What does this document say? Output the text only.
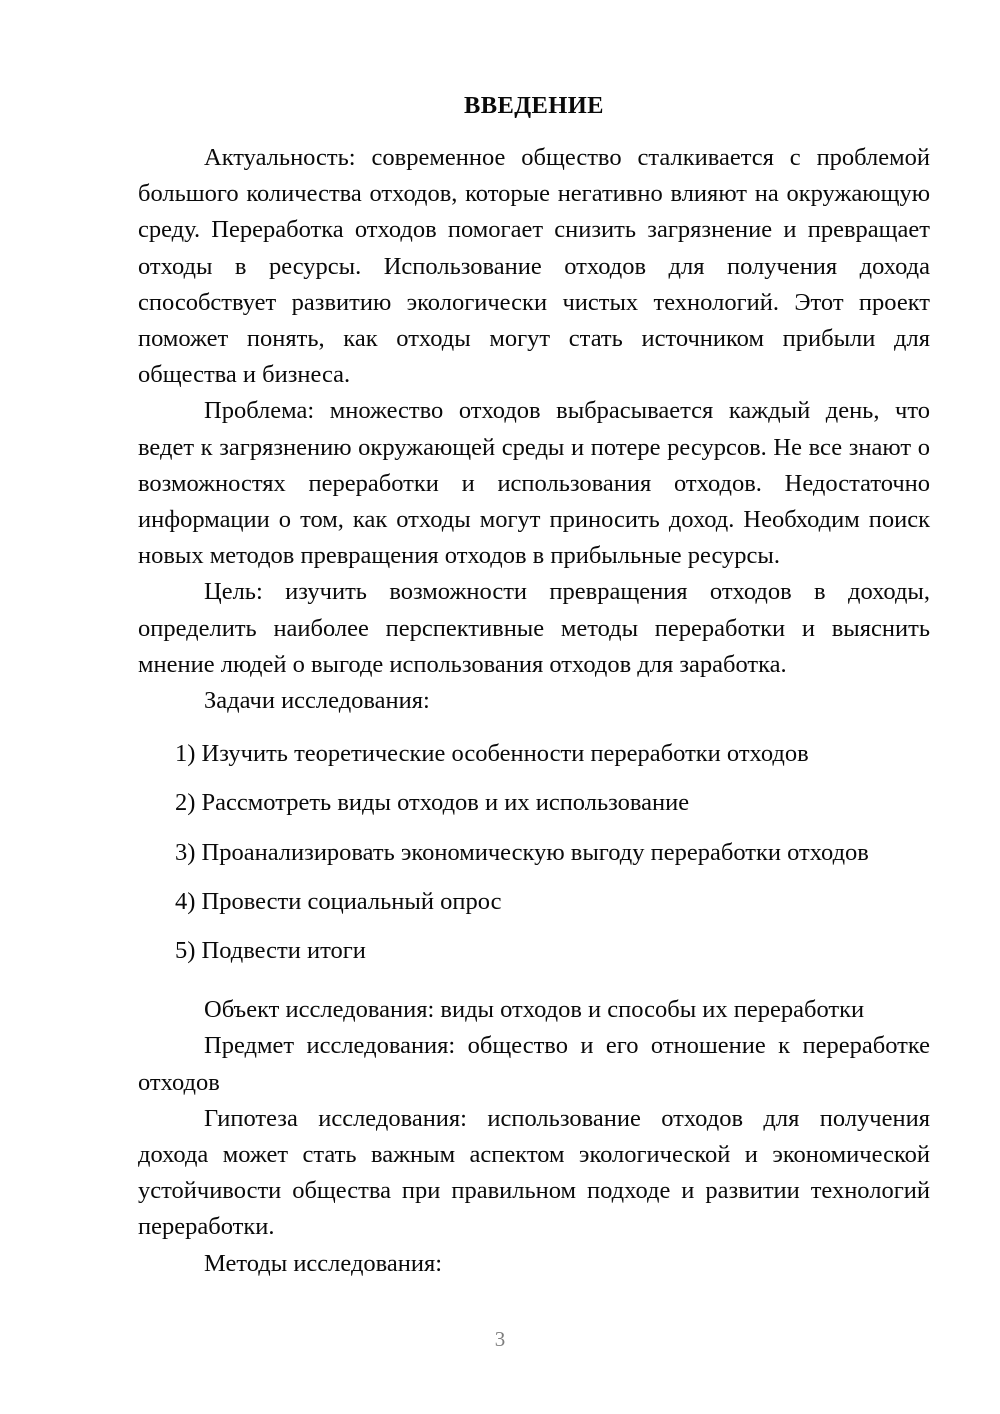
ВВЕДЕНИЕ

Актуальность: современное общество сталкивается с проблемой большого количества отходов, которые негативно влияют на окружающую среду. Переработка отходов помогает снизить загрязнение и превращает отходы в ресурсы. Использование отходов для получения дохода способствует развитию экологически чистых технологий. Этот проект поможет понять, как отходы могут стать источником прибыли для общества и бизнеса.

Проблема: множество отходов выбрасывается каждый день, что ведет к загрязнению окружающей среды и потере ресурсов. Не все знают о возможностях переработки и использования отходов. Недостаточно информации о том, как отходы могут приносить доход. Необходим поиск новых методов превращения отходов в прибыльные ресурсы.

Цель: изучить возможности превращения отходов в доходы, определить наиболее перспективные методы переработки и выяснить мнение людей о выгоде использования отходов для заработка.

Задачи исследования:

1) Изучить теоретические особенности переработки отходов
2) Рассмотреть виды отходов и их использование
3) Проанализировать экономическую выгоду переработки отходов
4) Провести социальный опрос
5) Подвести итоги

Объект исследования: виды отходов и способы их переработки

Предмет исследования: общество и его отношение к переработке отходов

Гипотеза исследования: использование отходов для получения дохода может стать важным аспектом экологической и экономической устойчивости общества при правильном подходе и развитии технологий переработки.

Методы исследования:

3
